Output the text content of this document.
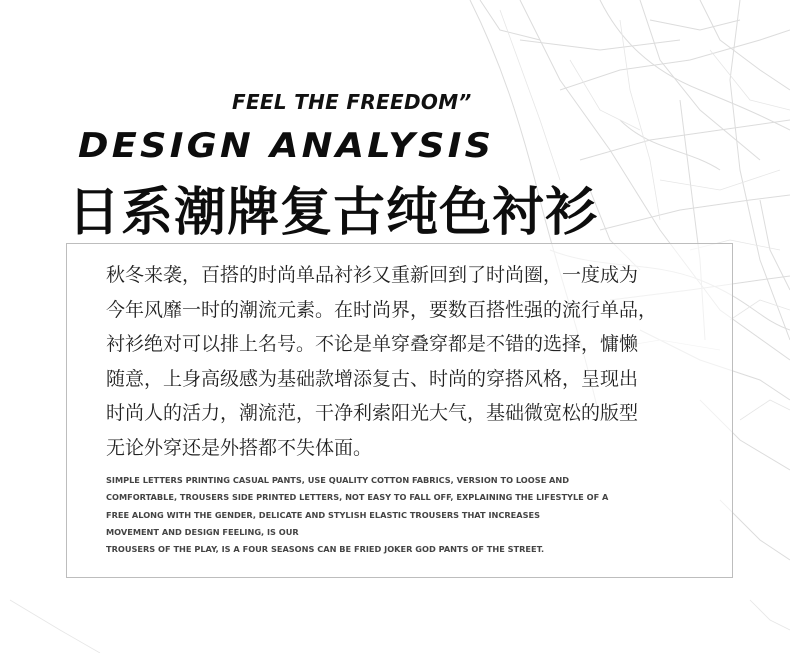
FEEL THE FREEDOM”
DESIGN ANALYSIS
日系潮牌复古纯色衬衫
秋冬来袭，百搭的时尚单品衬衫又重新回到了时尚圈，一度成为
今年风靡一时的潮流元素。在时尚界，要数百搭性强的流行单品，
衬衫绝对可以排上名号。不论是单穿叠穿都是不错的选择，慵懒
随意，上身高级感为基础款增添复古、时尚的穿搭风格，呈现出
时尚人的活力，潮流范，干净利索阳光大气，基础微宽松的版型
无论外穿还是外搭都不失体面。
SIMPLE LETTERS PRINTING CASUAL PANTS, USE QUALITY COTTON FABRICS, VERSION TO LOOSE AND
COMFORTABLE, TROUSERS SIDE PRINTED LETTERS, NOT EASY TO FALL OFF, EXPLAINING THE LIFESTYLE OF A
FREE ALONG WITH THE GENDER, DELICATE AND STYLISH ELASTIC TROUSERS THAT INCREASES
MOVEMENT AND DESIGN FEELING, IS OUR
TROUSERS OF THE PLAY, IS A FOUR SEASONS CAN BE FRIED JOKER GOD PANTS OF THE STREET.
